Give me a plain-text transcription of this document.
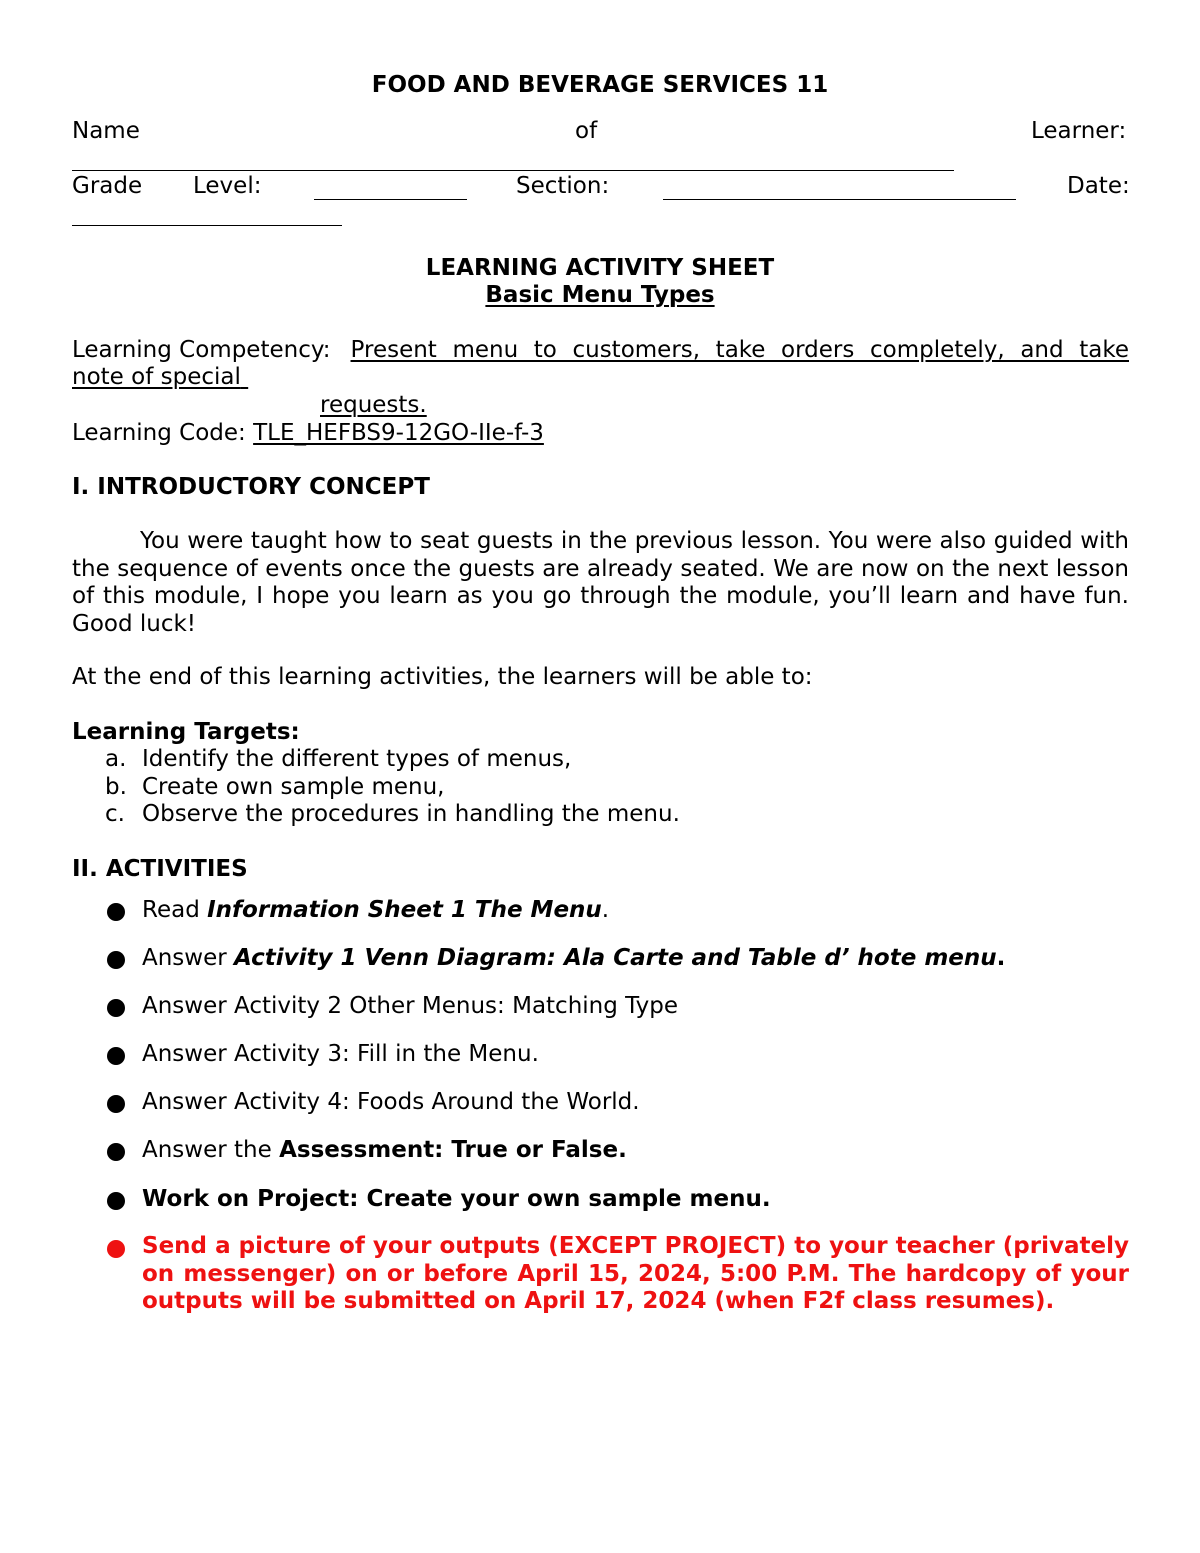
FOOD AND BEVERAGE SERVICES 11
Name	of	Learner:
Grade Level:	Section:	Date:
LEARNING ACTIVITY SHEET
Basic Menu Types
Learning Competency: Present menu to customers, take orders completely, and take
note of special
requests.
Learning Code: TLE_HEFBS9-12GO-IIe-f-3
I. INTRODUCTORY CONCEPT
You were taught how to seat guests in the previous lesson. You were also guided with the sequence of events once the guests are already seated. We are now on the next lesson of this module, I hope you learn as you go through the module, you’ll learn and have fun. Good luck!
At the end of this learning activities, the learners will be able to:
Learning Targets:
a. Identify the different types of menus,
b. Create own sample menu,
c. Observe the procedures in handling the menu.
II. ACTIVITIES
Read Information Sheet 1 The Menu.
Answer Activity 1 Venn Diagram: Ala Carte and Table d’ hote menu.
Answer Activity 2 Other Menus: Matching Type
Answer Activity 3: Fill in the Menu.
Answer Activity 4: Foods Around the World.
Answer the Assessment: True or False.
Work on Project: Create your own sample menu.
Send a picture of your outputs (EXCEPT PROJECT) to your teacher (privately on messenger) on or before April 15, 2024, 5:00 P.M. The hardcopy of your outputs will be submitted on April 17, 2024 (when F2f class resumes).
